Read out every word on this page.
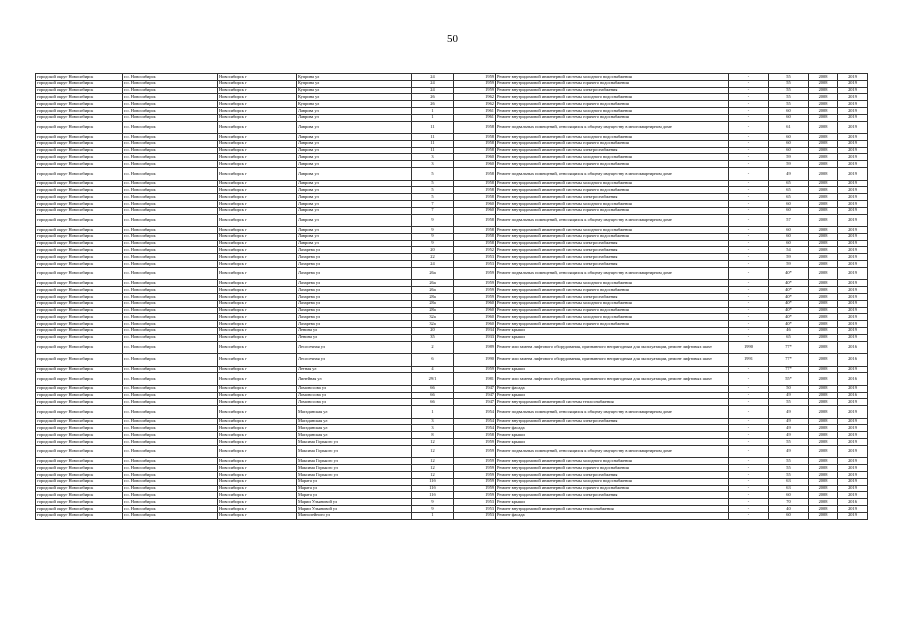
50
городской округ Новосибирск	г.о. Новосибирск	Новосибирск г	Куприна ул	24	1959	Ремонт внутридомовой инженерной системы холодного водоснабжения	-	55	2008	2019
городской округ Новосибирск	г.о. Новосибирск	Новосибирск г	Куприна ул	24	1959	Ремонт внутридомовой инженерной системы горячего водоснабжения	-	55	2008	2019
городской округ Новосибирск	г.о. Новосибирск	Новосибирск г	Куприна ул	24	1959	Ремонт внутридомовой инженерной системы электроснабжения	-	55	2008	2019
городской округ Новосибирск	г.о. Новосибирск	Новосибирск г	Куприна ул	26	1962	Ремонт внутридомовой инженерной системы холодного водоснабжения	-	55	2008	2019
городской округ Новосибирск	г.о. Новосибирск	Новосибирск г	Куприна ул	26	1962	Ремонт внутридомовой инженерной системы горячего водоснабжения	-	55	2008	2019
городской округ Новосибирск	г.о. Новосибирск	Новосибирск г	Лаврова ул	1	1961	Ремонт внутридомовой инженерной системы холодного водоснабжения	-	60	2008	2019
городской округ Новосибирск	г.о. Новосибирск	Новосибирск г	Лаврова ул	1	1961	Ремонт внутридомовой инженерной системы горячего водоснабжения	-	60	2008	2019
городской округ Новосибирск	г.о. Новосибирск	Новосибирск г	Лаврова ул	11	1958	Ремонт подвальных помещений, относящихся к общему имуществу в многоквартирном доме	-	61	2008	2019
городской округ Новосибирск	г.о. Новосибирск	Новосибирск г	Лаврова ул	11	1958	Ремонт внутридомовой инженерной системы холодного водоснабжения	-	60	2008	2019
городской округ Новосибирск	г.о. Новосибирск	Новосибирск г	Лаврова ул	11	1958	Ремонт внутридомовой инженерной системы горячего водоснабжения	-	60	2008	2019
городской округ Новосибирск	г.о. Новосибирск	Новосибирск г	Лаврова ул	11	1958	Ремонт внутридомовой инженерной системы электроснабжения	-	60	2008	2019
городской округ Новосибирск	г.о. Новосибирск	Новосибирск г	Лаврова ул	3	1960	Ремонт внутридомовой инженерной системы холодного водоснабжения	-	59	2008	2019
городской округ Новосибирск	г.о. Новосибирск	Новосибирск г	Лаврова ул	3	1960	Ремонт внутридомовой инженерной системы горячего водоснабжения	-	59	2008	2019
городской округ Новосибирск	г.о. Новосибирск	Новосибирск г	Лаврова ул	5	1958	Ремонт подвальных помещений, относящихся к общему имуществу в многоквартирном доме	-	49	2008	2019
городской округ Новосибирск	г.о. Новосибирск	Новосибирск г	Лаврова ул	5	1958	Ремонт внутридомовой инженерной системы холодного водоснабжения	-	65	2008	2019
городской округ Новосибирск	г.о. Новосибирск	Новосибирск г	Лаврова ул	5	1958	Ремонт внутридомовой инженерной системы горячего водоснабжения	-	65	2008	2019
городской округ Новосибирск	г.о. Новосибирск	Новосибирск г	Лаврова ул	5	1958	Ремонт внутридомовой инженерной системы электроснабжения	-	65	2008	2019
городской округ Новосибирск	г.о. Новосибирск	Новосибирск г	Лаврова ул	7	1960	Ремонт внутридомовой инженерной системы холодного водоснабжения	-	60	2008	2019
городской округ Новосибирск	г.о. Новосибирск	Новосибирск г	Лаврова ул	7	1960	Ремонт внутридомовой инженерной системы горячего водоснабжения	-	60	2008	2019
городской округ Новосибирск	г.о. Новосибирск	Новосибирск г	Лаврова ул	9	1958	Ремонт подвальных помещений, относящихся к общему имуществу в многоквартирном доме	-	57	2008	2019
городской округ Новосибирск	г.о. Новосибирск	Новосибирск г	Лаврова ул	9	1958	Ремонт внутридомовой инженерной системы холодного водоснабжения	-	60	2008	2019
городской округ Новосибирск	г.о. Новосибирск	Новосибирск г	Лаврова ул	9	1958	Ремонт внутридомовой инженерной системы горячего водоснабжения	-	60	2008	2019
городской округ Новосибирск	г.о. Новосибирск	Новосибирск г	Лаврова ул	9	1958	Ремонт внутридомовой инженерной системы электроснабжения	-	60	2008	2019
городской округ Новосибирск	г.о. Новосибирск	Новосибирск г	Лазарева ул	20	1952	Ремонт внутридомовой инженерной системы электроснабжения	-	54	2008	2019
городской округ Новосибирск	г.о. Новосибирск	Новосибирск г	Лазарева ул	22	1953	Ремонт внутридомовой инженерной системы электроснабжения	-	59	2008	2019
городской округ Новосибирск	г.о. Новосибирск	Новосибирск г	Лазарева ул	24	1953	Ремонт внутридомовой инженерной системы электроснабжения	-	59	2008	2019
городской округ Новосибирск	г.о. Новосибирск	Новосибирск г	Лазарева ул	26а	1959	Ремонт подвальных помещений, относящихся к общему имуществу в многоквартирном доме	-	40*	2008	2019
городской округ Новосибирск	г.о. Новосибирск	Новосибирск г	Лазарева ул	26а	1959	Ремонт внутридомовой инженерной системы холодного водоснабжения	-	40*	2008	2019
городской округ Новосибирск	г.о. Новосибирск	Новосибирск г	Лазарева ул	26а	1959	Ремонт внутридомовой инженерной системы горячего водоснабжения	-	40*	2008	2019
городской округ Новосибирск	г.о. Новосибирск	Новосибирск г	Лазарева ул	28а	1959	Ремонт внутридомовой инженерной системы электроснабжения	-	40*	2008	2019
городской округ Новосибирск	г.о. Новосибирск	Новосибирск г	Лазарева ул	28а	1960	Ремонт внутридомовой инженерной системы холодного водоснабжения	-	40*	2008	2019
городской округ Новосибирск	г.о. Новосибирск	Новосибирск г	Лазарева ул	28а	1960	Ремонт внутридомовой инженерной системы горячего водоснабжения	-	40*	2008	2019
городской округ Новосибирск	г.о. Новосибирск	Новосибирск г	Лазарева ул	32а	1960	Ремонт внутридомовой инженерной системы холодного водоснабжения	-	40*	2008	2019
городской округ Новосибирск	г.о. Новосибирск	Новосибирск г	Лазарева ул	32а	1960	Ремонт внутридомовой инженерной системы горячего водоснабжения	-	40*	2008	2019
городской округ Новосибирск	г.о. Новосибирск	Новосибирск г	Ленина ул	20	1934	Ремонт крыши	-	46	2008	2019
городской округ Новосибирск	г.о. Новосибирск	Новосибирск г	Ленина ул	35	1933	Ремонт крыши	-	65	2008	2019
городской округ Новосибирск	г.о. Новосибирск	Новосибирск г	Лесосечная ул	2	1989	Ремонт или замена лифтового оборудования, признанного непригодным для эксплуатации, ремонт лифтовых шахт	1990	77*	2008	2016
городской округ Новосибирск	г.о. Новосибирск	Новосибирск г	Лесосечная ул	6	1990	Ремонт или замена лифтового оборудования, признанного непригодным для эксплуатации, ремонт лифтовых шахт	1991	77*	2008	2016
городской округ Новосибирск	г.о. Новосибирск	Новосибирск г	Летная ул	4	1959	Ремонт крыши	-	77*	2008	2019
городской округ Новосибирск	г.о. Новосибирск	Новосибирск г	Линейная ул	29/1	1981	Ремонт или замена лифтового оборудования, признанного непригодным для эксплуатации, ремонт лифтовых шахт	-	55*	2008	2016
городской округ Новосибирск	г.о. Новосибирск	Новосибирск г	Ломоносова ул	66	1947	Ремонт фасада	-	50	2008	2019
городской округ Новосибирск	г.о. Новосибирск	Новосибирск г	Ломоносова ул	66	1947	Ремонт крыши	-	49	2008	2016
городской округ Новосибирск	г.о. Новосибирск	Новосибирск г	Ломоносова ул	66	1947	Ремонт внутридомовой инженерной системы теплоснабжения	-	55	2008	2019
городской округ Новосибирск	г.о. Новосибирск	Новосибирск г	Магаданская ул	1	1954	Ремонт подвальных помещений, относящихся к общему имуществу в многоквартирном доме	-	49	2008	2019
городской округ Новосибирск	г.о. Новосибирск	Новосибирск г	Магаданская ул	3	1954	Ремонт внутридомовой инженерной системы электроснабжения	-	49	2008	2019
городской округ Новосибирск	г.о. Новосибирск	Новосибирск г	Магаданская ул	3	1954	Ремонт фасада	-	49	2008	2019
городской округ Новосибирск	г.о. Новосибирск	Новосибирск г	Магаданская ул	8	1958	Ремонт крыши	-	49	2008	2019
городской округ Новосибирск	г.о. Новосибирск	Новосибирск г	Максима Горького ул	12	1959	Ремонт крыши	-	55	2008	2019
городской округ Новосибирск	г.о. Новосибирск	Новосибирск г	Максима Горького ул	12	1959	Ремонт подвальных помещений, относящихся к общему имуществу в многоквартирном доме	-	49	2008	2019
городской округ Новосибирск	г.о. Новосибирск	Новосибирск г	Максима Горького ул	12	1959	Ремонт внутридомовой инженерной системы холодного водоснабжения	-	55	2008	2019
городской округ Новосибирск	г.о. Новосибирск	Новосибирск г	Максима Горького ул	12	1959	Ремонт внутридомовой инженерной системы горячего водоснабжения	-	55	2008	2019
городской округ Новосибирск	г.о. Новосибирск	Новосибирск г	Максима Горького ул	12	1959	Ремонт внутридомовой инженерной системы электроснабжения	-	55	2008	2019
городской округ Новосибирск	г.о. Новосибирск	Новосибирск г	Марата ул	11б	1959	Ремонт внутридомовой инженерной системы холодного водоснабжения	-	63	2008	2019
городской округ Новосибирск	г.о. Новосибирск	Новосибирск г	Марата ул	11б	1959	Ремонт внутридомовой инженерной системы горячего водоснабжения	-	63	2008	2019
городской округ Новосибирск	г.о. Новосибирск	Новосибирск г	Марата ул	11б	1959	Ремонт внутридомовой инженерной системы электроснабжения	-	60	2008	2019
городской округ Новосибирск	г.о. Новосибирск	Новосибирск г	Марии Ульяновой ул	9	1953	Ремонт крыши	-	70	2008	2016
городской округ Новосибирск	г.о. Новосибирск	Новосибирск г	Марии Ульяновой ул	9	1953	Ремонт внутридомовой инженерной системы теплоснабжения	-	40	2008	2019
городской округ Новосибирск	г.о. Новосибирск	Новосибирск г	Мавзолейного ул	1	1953	Ремонт фасада	-	60	2008	2019
